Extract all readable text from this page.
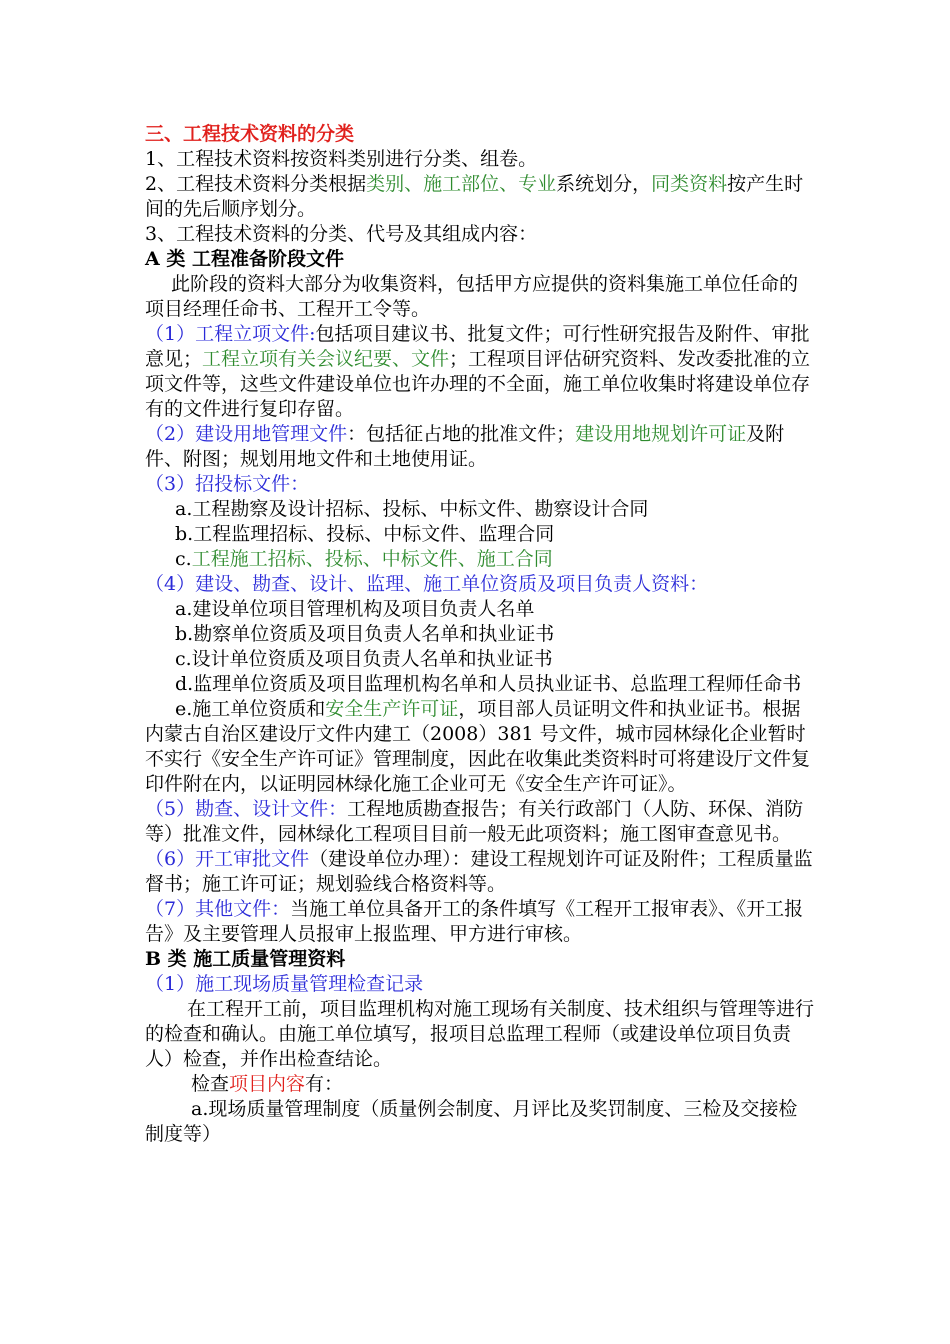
三、工程技术资料的分类

1、工程技术资料按资料类别进行分类、组卷。

2、工程技术资料分类根据类别、施工部位、专业系统划分，同类资料按产生时间的先后顺序划分。

3、工程技术资料的分类、代号及其组成内容：

A 类 工程准备阶段文件

此阶段的资料大部分为收集资料，包括甲方应提供的资料集施工单位任命的项目经理任命书、工程开工令等。

（1）工程立项文件:包括项目建议书、批复文件；可行性研究报告及附件、审批意见；工程立项有关会议纪要、文件；工程项目评估研究资料、发改委批准的立项文件等，这些文件建设单位也许办理的不全面，施工单位收集时将建设单位存有的文件进行复印存留。

（2）建设用地管理文件：包括征占地的批准文件；建设用地规划许可证及附件、附图；规划用地文件和土地使用证。

（3）招投标文件：

a.工程勘察及设计招标、投标、中标文件、勘察设计合同

b.工程监理招标、投标、中标文件、监理合同

c.工程施工招标、投标、中标文件、施工合同

（4）建设、勘查、设计、监理、施工单位资质及项目负责人资料：

a.建设单位项目管理机构及项目负责人名单

b.勘察单位资质及项目负责人名单和执业证书

c.设计单位资质及项目负责人名单和执业证书

d.监理单位资质及项目监理机构名单和人员执业证书、总监理工程师任命书

e.施工单位资质和安全生产许可证，项目部人员证明文件和执业证书。根据内蒙古自治区建设厅文件内建工（2008）381 号文件，城市园林绿化企业暂时不实行《安全生产许可证》管理制度，因此在收集此类资料时可将建设厅文件复印件附在内，以证明园林绿化施工企业可无《安全生产许可证》。

（5）勘查、设计文件：工程地质勘查报告；有关行政部门（人防、环保、消防等）批准文件，园林绿化工程项目目前一般无此项资料；施工图审查意见书。

（6）开工审批文件（建设单位办理）：建设工程规划许可证及附件；工程质量监督书；施工许可证；规划验线合格资料等。

（7）其他文件：当施工单位具备开工的条件填写《工程开工报审表》、《开工报告》及主要管理人员报审上报监理、甲方进行审核。

B 类 施工质量管理资料

（1）施工现场质量管理检查记录

在工程开工前，项目监理机构对施工现场有关制度、技术组织与管理等进行的检查和确认。由施工单位填写，报项目总监理工程师（或建设单位项目负责人）检查，并作出检查结论。

检查项目内容有：

a.现场质量管理制度（质量例会制度、月评比及奖罚制度、三检及交接检制度等）
